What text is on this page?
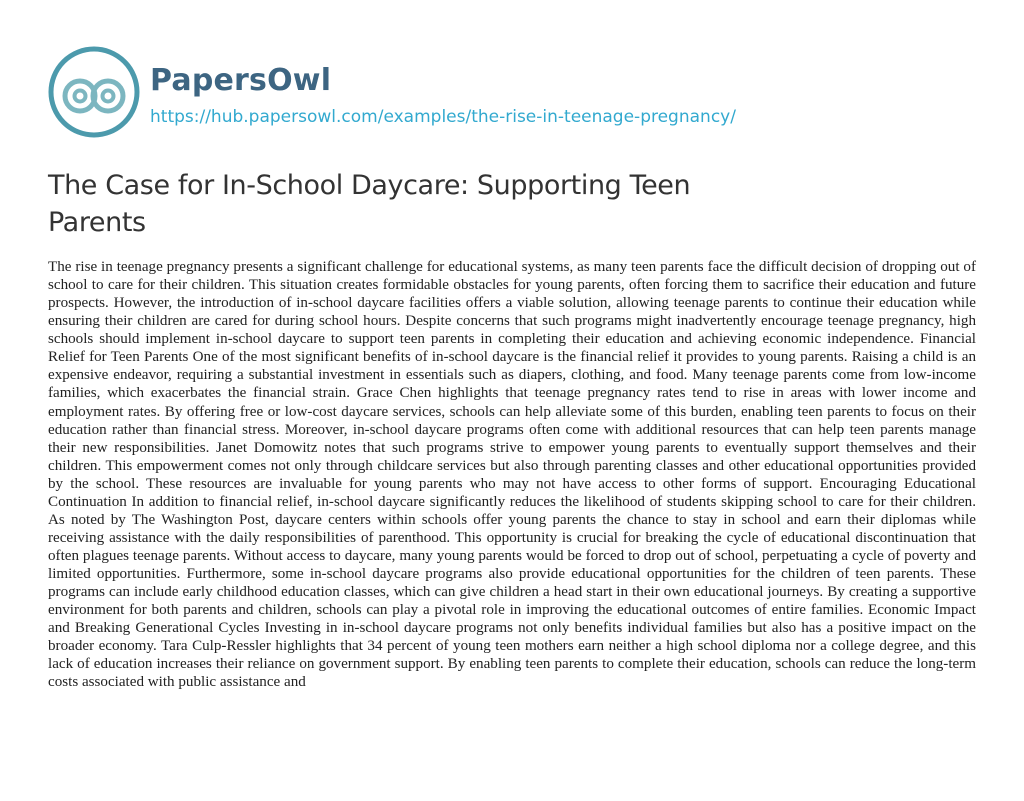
PapersOwl
https://hub.papersowl.com/examples/the-rise-in-teenage-pregnancy/
The Case for In-School Daycare: Supporting Teen Parents

The rise in teenage pregnancy presents a significant challenge for educational systems, as many teen parents face the difficult decision of dropping out of school to care for their children. This situation creates formidable obstacles for young parents, often forcing them to sacrifice their education and future prospects. However, the introduction of in-school daycare facilities offers a viable solution, allowing teenage parents to continue their education while ensuring their children are cared for during school hours. Despite concerns that such programs might inadvertently encourage teenage pregnancy, high schools should implement in-school daycare to support teen parents in completing their education and achieving economic independence. Financial Relief for Teen Parents One of the most significant benefits of in-school daycare is the financial relief it provides to young parents. Raising a child is an expensive endeavor, requiring a substantial investment in essentials such as diapers, clothing, and food. Many teenage parents come from low-income families, which exacerbates the financial strain. Grace Chen highlights that teenage pregnancy rates tend to rise in areas with lower income and employment rates. By offering free or low-cost daycare services, schools can help alleviate some of this burden, enabling teen parents to focus on their education rather than financial stress. Moreover, in-school daycare programs often come with additional resources that can help teen parents manage their new responsibilities. Janet Domowitz notes that such programs strive to empower young parents to eventually support themselves and their children. This empowerment comes not only through childcare services but also through parenting classes and other educational opportunities provided by the school. These resources are invaluable for young parents who may not have access to other forms of support. Encouraging Educational Continuation In addition to financial relief, in-school daycare significantly reduces the likelihood of students skipping school to care for their children. As noted by The Washington Post, daycare centers within schools offer young parents the chance to stay in school and earn their diplomas while receiving assistance with the daily responsibilities of parenthood. This opportunity is crucial for breaking the cycle of educational discontinuation that often plagues teenage parents. Without access to daycare, many young parents would be forced to drop out of school, perpetuating a cycle of poverty and limited opportunities. Furthermore, some in-school daycare programs also provide educational opportunities for the children of teen parents. These programs can include early childhood education classes, which can give children a head start in their own educational journeys. By creating a supportive environment for both parents and children, schools can play a pivotal role in improving the educational outcomes of entire families. Economic Impact and Breaking Generational Cycles Investing in in-school daycare programs not only benefits individual families but also has a positive impact on the broader economy. Tara Culp-Ressler highlights that 34 percent of young teen mothers earn neither a high school diploma nor a college degree, and this lack of education increases their reliance on government support. By enabling teen parents to complete their education, schools can reduce the long-term costs associated with public assistance and
